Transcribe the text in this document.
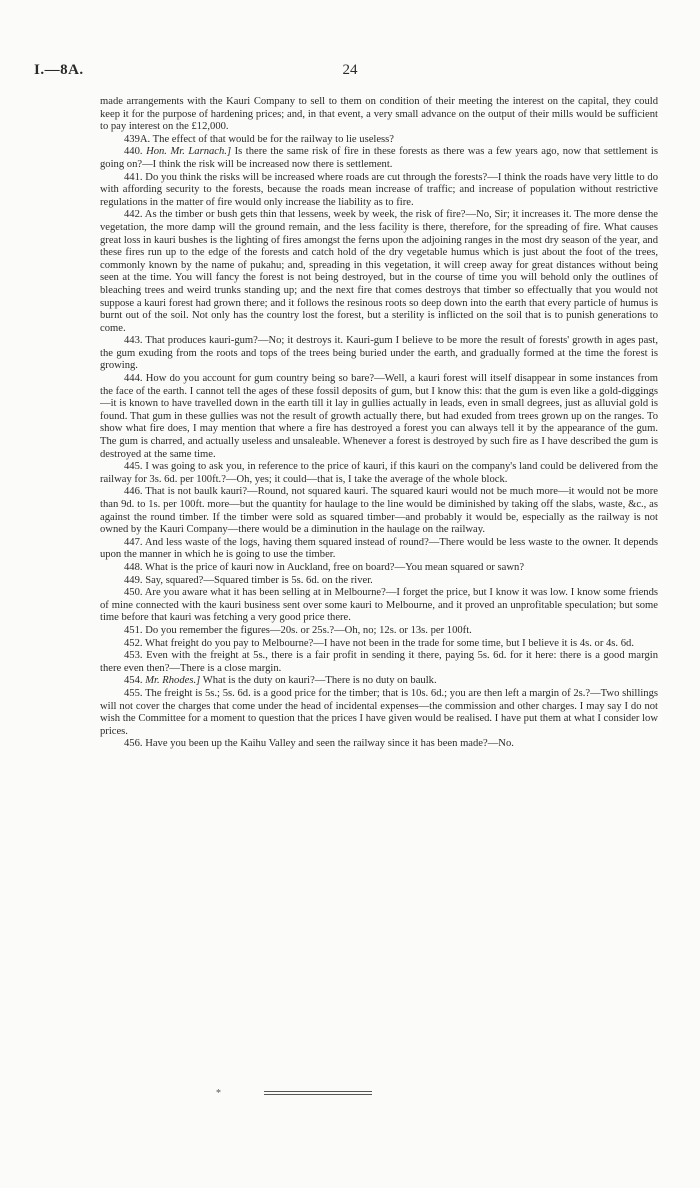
24
I.—8A.

made arrangements with the Kauri Company to sell to them on condition of their meeting the interest on the capital, they could keep it for the purpose of hardening prices; and, in that event, a very small advance on the output of their mills would be sufficient to pay interest on the £12,000.

439A. The effect of that would be for the railway to lie useless?

440. Hon. Mr. Larnach.] Is there the same risk of fire in these forests as there was a few years ago, now that settlement is going on?—I think the risk will be increased now there is settlement.

441. Do you think the risks will be increased where roads are cut through the forests?—I think the roads have very little to do with affording security to the forests, because the roads mean increase of traffic; and increase of population without restrictive regulations in the matter of fire would only increase the liability as to fire.

442. As the timber or bush gets thin that lessens, week by week, the risk of fire?—No, Sir; it increases it. The more dense the vegetation, the more damp will the ground remain, and the less facility is there, therefore, for the spreading of fire. What causes great loss in kauri bushes is the lighting of fires amongst the ferns upon the adjoining ranges in the most dry season of the year, and these fires run up to the edge of the forests and catch hold of the dry vegetable humus which is just about the foot of the trees, commonly known by the name of pukahu; and, spreading in this vegetation, it will creep away for great distances without being seen at the time. You will fancy the forest is not being destroyed, but in the course of time you will behold only the outlines of bleaching trees and weird trunks standing up; and the next fire that comes destroys that timber so effectually that you would not suppose a kauri forest had grown there; and it follows the resinous roots so deep down into the earth that every particle of humus is burnt out of the soil. Not only has the country lost the forest, but a sterility is inflicted on the soil that is to punish generations to come.

443. That produces kauri-gum?—No; it destroys it. Kauri-gum I believe to be more the result of forests' growth in ages past, the gum exuding from the roots and tops of the trees being buried under the earth, and gradually formed at the time the forest is growing.

444. How do you account for gum country being so bare?—Well, a kauri forest will itself disappear in some instances from the face of the earth. I cannot tell the ages of these fossil deposits of gum, but I know this: that the gum is even like a gold-diggings—it is known to have travelled down in the earth till it lay in gullies actually in leads, even in small degrees, just as alluvial gold is found. That gum in these gullies was not the result of growth actually there, but had exuded from trees grown up on the ranges. To show what fire does, I may mention that where a fire has destroyed a forest you can always tell it by the appearance of the gum. The gum is charred, and actually useless and unsaleable. Whenever a forest is destroyed by such fire as I have described the gum is destroyed at the same time.

445. I was going to ask you, in reference to the price of kauri, if this kauri on the company's land could be delivered from the railway for 3s. 6d. per 100ft.?—Oh, yes; it could—that is, I take the average of the whole block.

446. That is not baulk kauri?—Round, not squared kauri. The squared kauri would not be much more—it would not be more than 9d. to 1s. per 100ft. more—but the quantity for haulage to the line would be diminished by taking off the slabs, waste, &c., as against the round timber. If the timber were sold as squared timber—and probably it would be, especially as the railway is not owned by the Kauri Company—there would be a diminution in the haulage on the railway.

447. And less waste of the logs, having them squared instead of round?—There would be less waste to the owner. It depends upon the manner in which he is going to use the timber.

448. What is the price of kauri now in Auckland, free on board?—You mean squared or sawn?

449. Say, squared?—Squared timber is 5s. 6d. on the river.

450. Are you aware what it has been selling at in Melbourne?—I forget the price, but I know it was low. I know some friends of mine connected with the kauri business sent over some kauri to Melbourne, and it proved an unprofitable speculation; but some time before that kauri was fetching a very good price there.

451. Do you remember the figures—20s. or 25s.?—Oh, no; 12s. or 13s. per 100ft.

452. What freight do you pay to Melbourne?—I have not been in the trade for some time, but I believe it is 4s. or 4s. 6d.

453. Even with the freight at 5s., there is a fair profit in sending it there, paying 5s. 6d. for it here: there is a good margin there even then?—There is a close margin.

454. Mr. Rhodes.] What is the duty on kauri?—There is no duty on baulk.

455. The freight is 5s.; 5s. 6d. is a good price for the timber; that is 10s. 6d.; you are then left a margin of 2s.?—Two shillings will not cover the charges that come under the head of incidental expenses—the commission and other charges. I may say I do not wish the Committee for a moment to question that the prices I have given would be realised. I have put them at what I consider low prices.

456. Have you been up the Kaihu Valley and seen the railway since it has been made?—No.

*
